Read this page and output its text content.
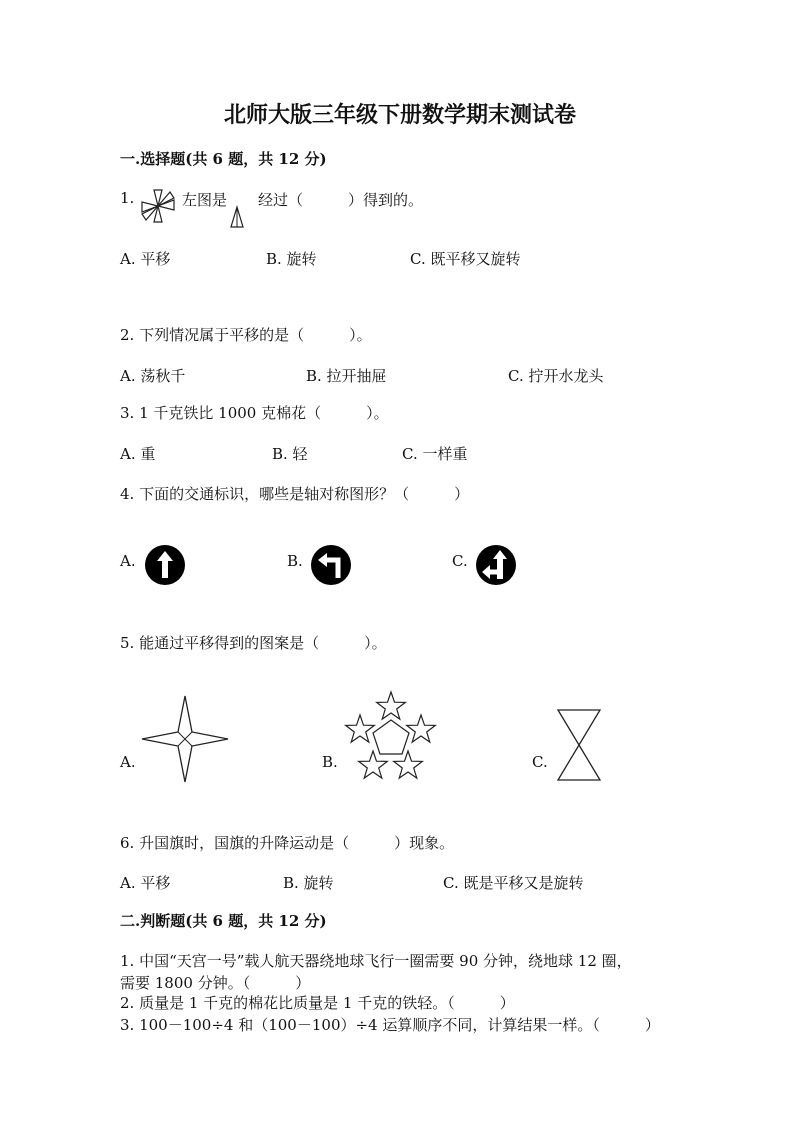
北师大版三年级下册数学期末测试卷
一.选择题(共 6 题，共 12 分)
1.	左图是 经过（　　　）得到的。
A. 平移	B. 旋转	C. 既平移又旋转
2. 下列情况属于平移的是（　　　）。
A. 荡秋千	B. 拉开抽屉	C. 拧开水龙头
3. 1 千克铁比 1000 克棉花（　　　）。
A. 重	B. 轻	C. 一样重
4. 下面的交通标识，哪些是轴对称图形？（　　　）
A.	B.	C.
5. 能通过平移得到的图案是（　　　）。
A.	B.	C.
6. 升国旗时，国旗的升降运动是（　　　）现象。
A. 平移	B. 旋转	C. 既是平移又是旋转
二.判断题(共 6 题，共 12 分)
1. 中国“天宫一号”载人航天器绕地球飞行一圈需要 90 分钟，绕地球 12 圈，
需要 1800 分钟。（　　　）
2. 质量是 1 千克的棉花比质量是 1 千克的铁轻。（　　　）
3. 100－100÷4 和（100－100）÷4 运算顺序不同，计算结果一样。（　　　）
